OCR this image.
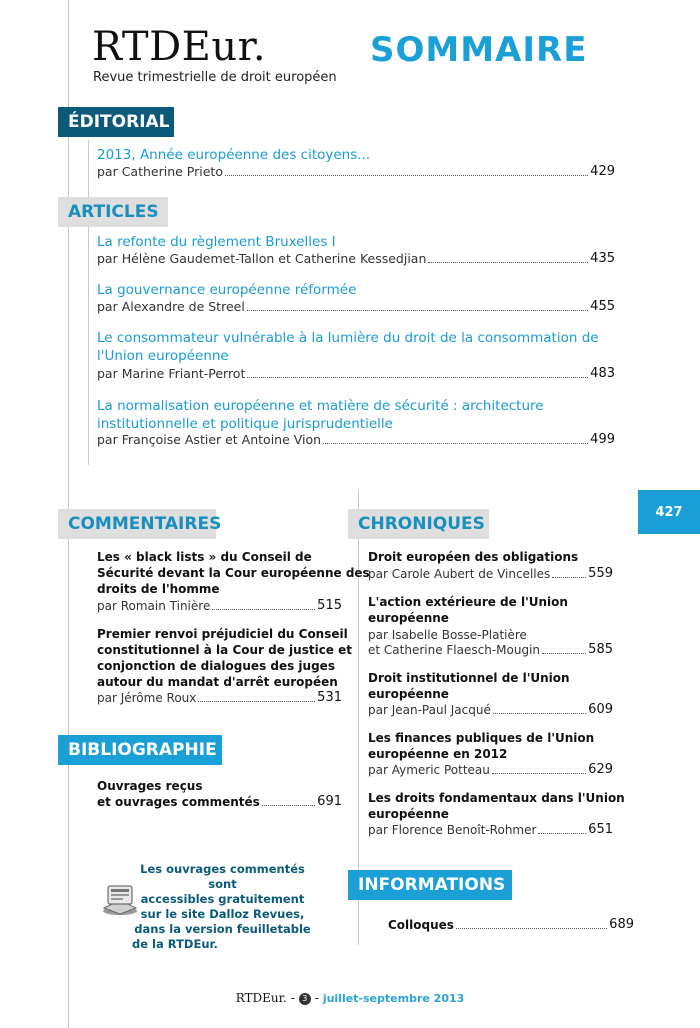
RTDEur.
Revue trimestrielle de droit européen
SOMMAIRE
ÉDITORIAL
2013, Année européenne des citoyens...
par Catherine Prieto	429
ARTICLES
La refonte du règlement Bruxelles I
par Hélène Gaudemet-Tallon et Catherine Kessedjian	435
La gouvernance européenne réformée
par Alexandre de Streel	455
Le consommateur vulnérable à la lumière du droit de la consommation de
l'Union européenne
par Marine Friant-Perrot	483
La normalisation européenne et matière de sécurité : architecture
institutionnelle et politique jurisprudentielle
par Françoise Astier et Antoine Vion	499
427
COMMENTAIRES
Les « black lists » du Conseil de
Sécurité devant la Cour européenne des
droits de l'homme
par Romain Tinière	515
Premier renvoi préjudiciel du Conseil
constitutionnel à la Cour de justice et
conjonction de dialogues des juges
autour du mandat d'arrêt européen
par Jérôme Roux	531
BIBLIOGRAPHIE
Ouvrages reçus
et ouvrages commentés	691
Les ouvrages commentés sont
accessibles gratuitement
sur le site Dalloz Revues,
dans la version feuilletable
de la RTDEur.
CHRONIQUES
Droit européen des obligations
par Carole Aubert de Vincelles	559
L'action extérieure de l'Union
européenne
par Isabelle Bosse-Platière
et Catherine Flaesch-Mougin	585
Droit institutionnel de l'Union
européenne
par Jean-Paul Jacqué	609
Les finances publiques de l'Union
européenne en 2012
par Aymeric Potteau	629
Les droits fondamentaux dans l'Union
européenne
par Florence Benoît-Rohmer	651
INFORMATIONS
Colloques	689
RTDEur. - 3 - juillet-septembre 2013
